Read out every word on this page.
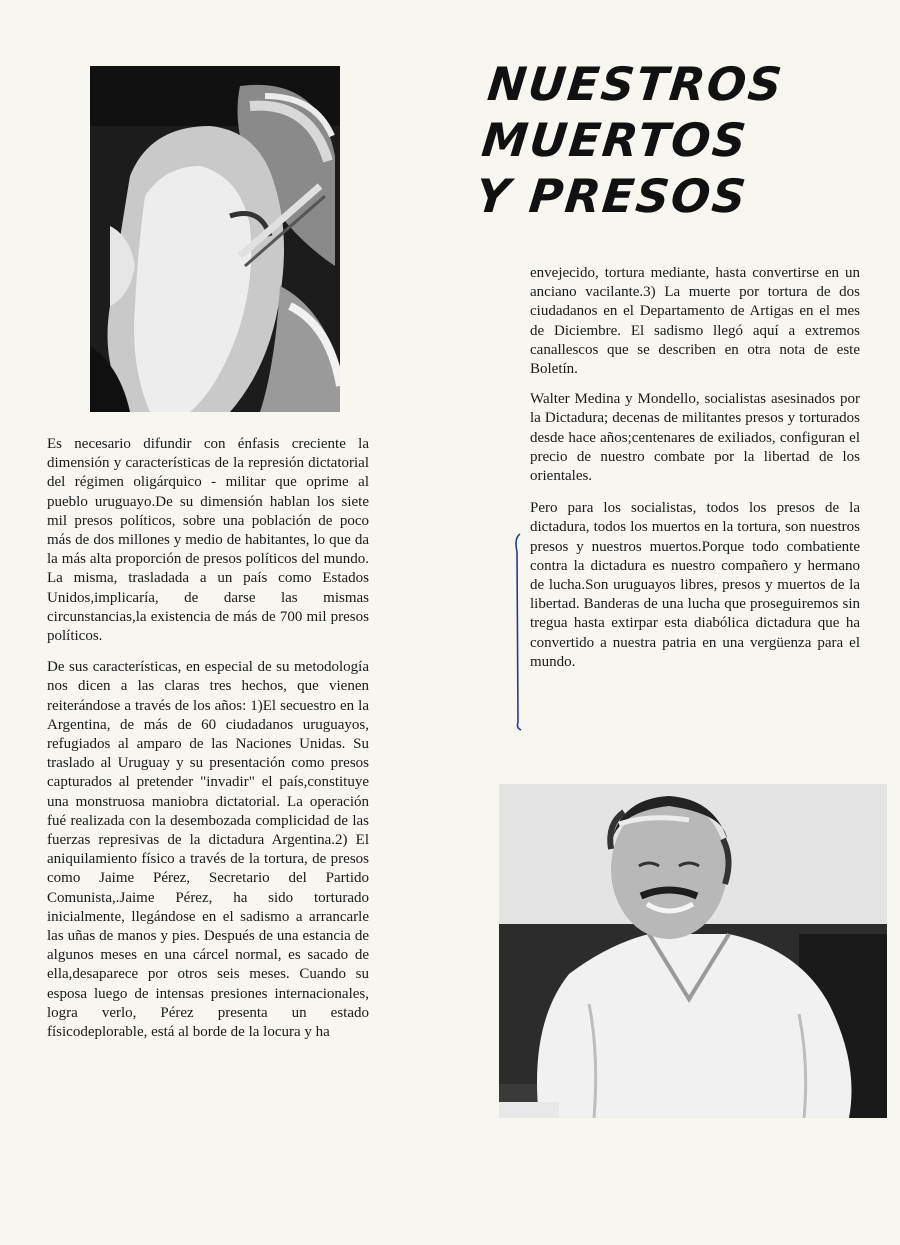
NUESTROS
MUERTOS
Y PRESOS

Es necesario difundir con énfasis creciente la dimensión y características de la represión dictatorial del régimen oligárquico - militar que oprime al pueblo uruguayo.De su dimensión hablan los siete mil presos políticos, sobre una población de poco más de dos millones y medio de habitantes, lo que da la más alta proporción de presos políticos del mundo. La misma, trasladada a un país como Estados Unidos,implicaría, de darse las mismas circunstancias,la existencia de más de 700 mil presos políticos.

De sus características, en especial de su metodología nos dicen a las claras tres hechos, que vienen reiterándose a través de los años: 1)El secuestro en la Argentina, de más de 60 ciudadanos uruguayos, refugiados al amparo de las Naciones Unidas. Su traslado al Uruguay y su presentación como presos capturados al pretender "invadir" el país,constituye una monstruosa maniobra dictatorial. La operación fué realizada con la desembozada complicidad de las fuerzas represivas de la dictadura Argentina.2) El aniquilamiento físico a través de la tortura, de presos como Jaime Pérez, Secretario del Partido Comunista,.Jaime Pérez, ha sido torturado inicialmente, llegándose en el sadismo a arrancarle las uñas de manos y pies. Después de una estancia de algunos meses en una cárcel normal, es sacado de ella,desaparece por otros seis meses. Cuando su esposa luego de intensas presiones internacionales, logra verlo, Pérez presenta un estado físicodeplorable, está al borde de la locura y ha

envejecido, tortura mediante, hasta convertirse en un anciano vacilante.3) La muerte por tortura de dos ciudadanos en el Departamento de Artigas en el mes de Diciembre. El sadismo llegó aquí a extremos canallescos que se describen en otra nota de este Boletín.

Walter Medina y Mondello, socialistas asesinados por la Dictadura; decenas de militantes presos y torturados desde hace años;centenares de exiliados, configuran el precio de nuestro combate por la libertad de los orientales.

Pero para los socialistas, todos los presos de la dictadura, todos los muertos en la tortura, son nuestros presos y nuestros muertos.Porque todo combatiente contra la dictadura es nuestro compañero y hermano de lucha.Son uruguayos libres, presos y muertos de la libertad. Banderas de una lucha que proseguiremos sin tregua hasta extirpar esta diabólica dictadura que ha convertido a nuestra patria en una vergüenza para el mundo.
